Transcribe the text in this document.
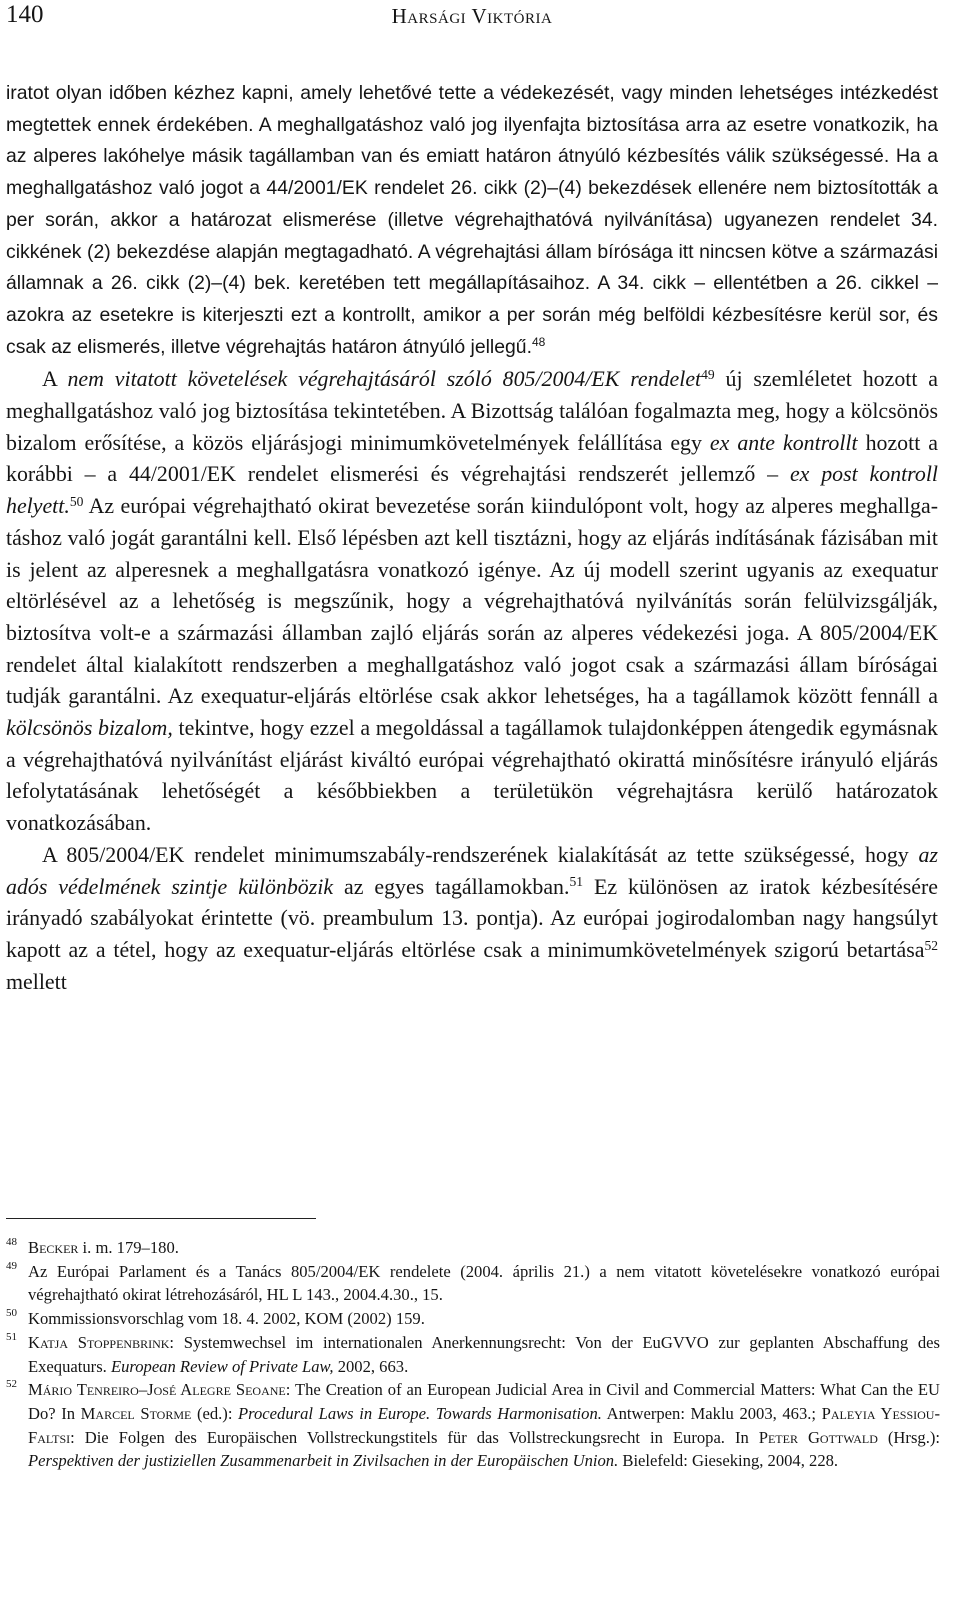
140	Harsági Viktória

iratot olyan időben kézhez kapni, amely lehetővé tette a védekezését, vagy minden lehetséges intézkedést megtettek ennek érdekében. A meghallgatáshoz való jog ilyenfajta biztosítása arra az esetre vonatkozik, ha az alperes lakóhelye másik tagállamban van és emiatt határon átnyúló kézbesítés válik szükségessé. Ha a meghallgatáshoz való jogot a 44/2001/EK rendelet 26. cikk (2)–(4) bekezdések ellenére nem biztosították a per során, akkor a határozat elismerése (illetve végrehajthatóvá nyilvánítása) ugyanezen rendelet 34. cikkének (2) bekezdése alapján megtagadható. A végrehajtási állam bírósága itt nincsen kötve a származási államnak a 26. cikk (2)–(4) bek. keretében tett megállapításaihoz. A 34. cikk – ellentétben a 26. cikkel – azokra az esetekre is kiterjeszti ezt a kontrollt, amikor a per során még belföldi kézbesítésre kerül sor, és csak az elismerés, illetve végrehajtás határon átnyúló jellegű.$^{48}$

A nem vitatott követelések végrehajtásáról szóló 805/2004/EK rendelet$^{49}$ új szemléletet hozott a meghallgatáshoz való jog biztosítása tekintetében. A Bizottság találóan fogalmazta meg, hogy a kölcsönös bizalom erősítése, a közös eljárásjogi minimumkövetelmények felállítása egy ex ante kontrollt hozott a korábbi – a 44/2001/EK rendelet elismerési és végrehajtási rendszerét jellemző – ex post kontroll helyett.$^{50}$ Az európai végrehajtható okirat bevezetése során kiindulópont volt, hogy az alperes meghallgatáshoz való jogát garantálni kell. Első lépésben azt kell tisztázni, hogy az eljárás indításának fázisában mit is jelent az alperesnek a meghallgatásra vonatkozó igénye. Az új modell szerint ugyanis az exequatur eltörlésével az a lehetőség is megszűnik, hogy a végrehajthatóvá nyilvánítás során felülvizsgálják, biztosítva volt-e a származási államban zajló eljárás során az alperes védekezési joga. A 805/2004/EK rendelet által kialakított rendszerben a meghallgatáshoz való jogot csak a származási állam bíróságai tudják garantálni. Az exequatur-eljárás eltörlése csak akkor lehetséges, ha a tagállamok között fennáll a kölcsönös bizalom, tekintve, hogy ezzel a megoldással a tagállamok tulajdonképpen átengedik egymásnak a végrehajthatóvá nyilvánítást eljárást kiváltó európai végrehajtható okirattá minősítésre irányuló eljárás lefolytatásának lehetőségét a későbbiekben a területükön végrehajtásra kerülő határozatok vonatkozásában.

A 805/2004/EK rendelet minimumszabály-rendszerének kialakítását az tette szükségessé, hogy az adós védelmének szintje különbözik az egyes tagállamokban.$^{51}$ Ez különösen az iratok kézbesítésére irányadó szabályokat érintette (vö. preambulum 13. pontja). Az európai jogirodalomban nagy hangsúlyt kapott az a tétel, hogy az exequatur-eljárás eltörlése csak a minimumkövetelmények szigorú betartása$^{52}$ mellett

48 Becker i. m. 179–180.
49 Az Európai Parlament és a Tanács 805/2004/EK rendelete (2004. április 21.) a nem vitatott követelésekre vonatkozó európai végrehajtható okirat létrehozásáról, HL L 143., 2004.4.30., 15.
50 Kommissionsvorschlag vom 18. 4. 2002, KOM (2002) 159.
51 Katja Stoppenbrink: Systemwechsel im internationalen Anerkennungsrecht: Von der EuGVVO zur geplanten Abschaffung des Exequaturs. European Review of Private Law, 2002, 663.
52 Mário Tenreiro–José Alegre Seoane: The Creation of an European Judicial Area in Civil and Commercial Matters: What Can the EU Do? In Marcel Storme (ed.): Procedural Laws in Europe. Towards Harmonisation. Antwerpen: Maklu 2003, 463.; Paleyia Yessiou-Faltsi: Die Folgen des Europäischen Vollstreckungstitels für das Vollstreckungsrecht in Europa. In Peter Gottwald (Hrsg.): Perspektiven der justiziellen Zusammenarbeit in Zivilsachen in der Europäischen Union. Bielefeld: Gieseking, 2004, 228.
